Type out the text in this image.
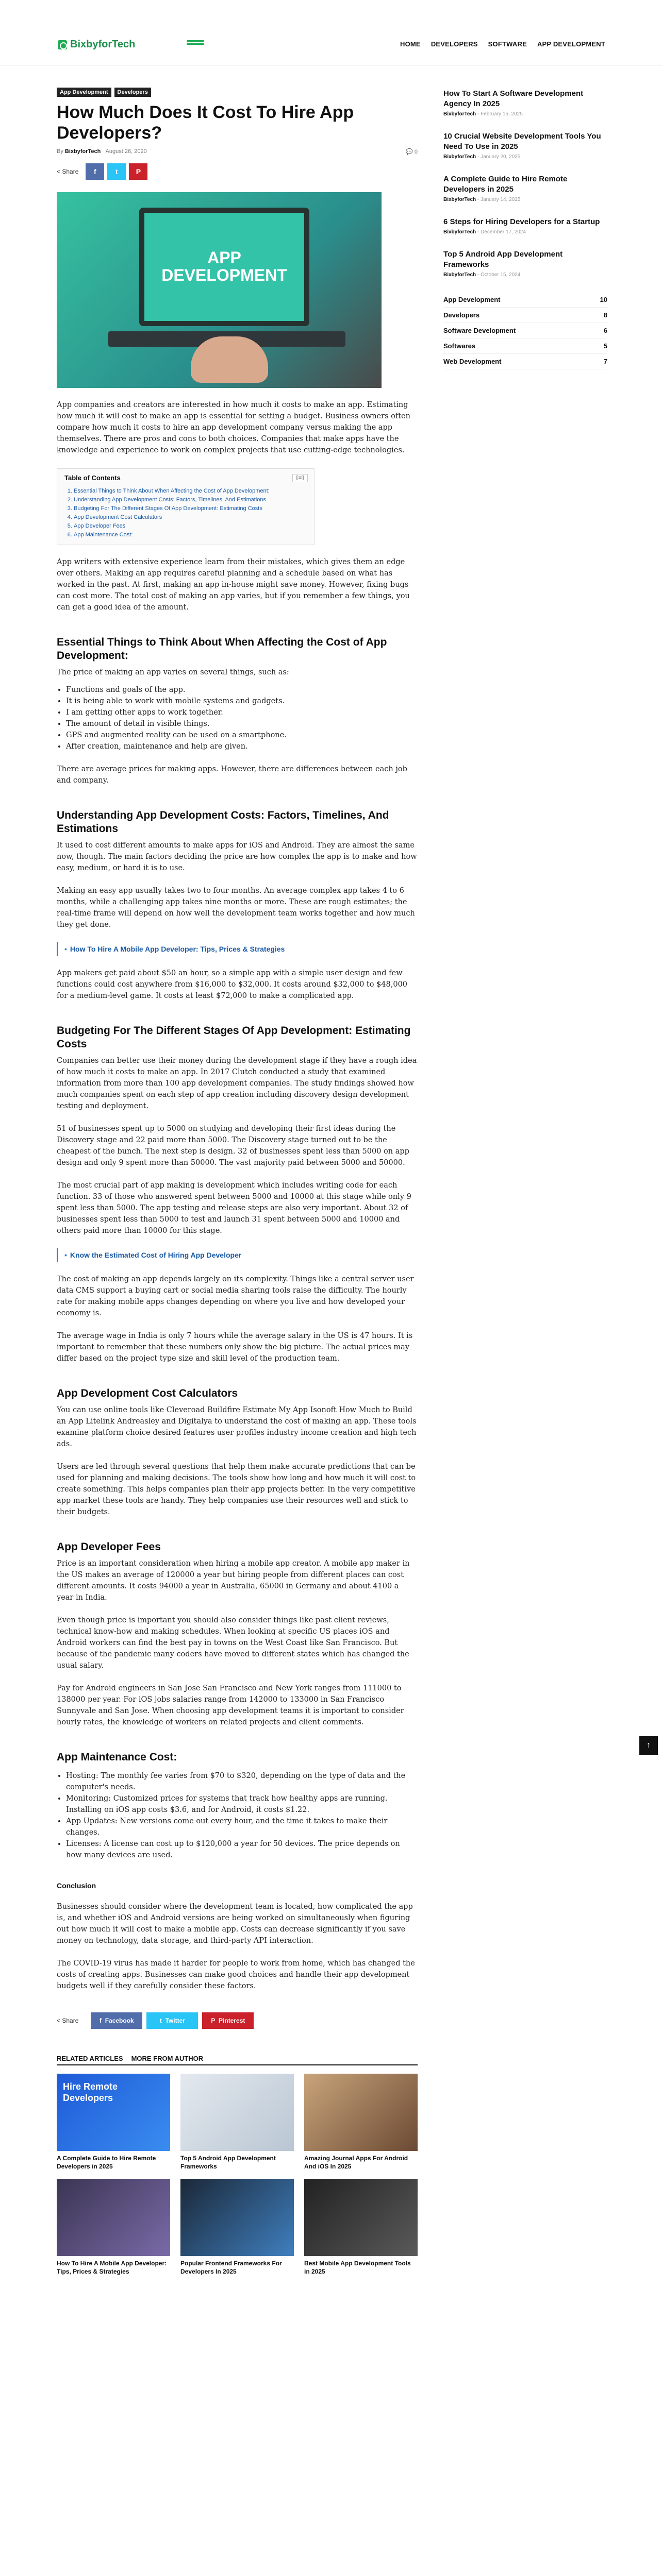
BixbyforTech	HOME DEVELOPERS SOFTWARE APP DEVELOPMENT
App Development	Developers
How Much Does It Cost To Hire App Developers?
By BixbyforTech August 26, 2020	💬 0
< Share f	t	P
APP DEVELOPMENT

App companies and creators are interested in how much it costs to make an app. Estimating how much it will cost to make an app is essential for setting a budget. Business owners often compare how much it costs to hire an app development company versus making the app themselves. There are pros and cons to both choices. Companies that make apps have the knowledge and experience to work on complex projects that use cutting-edge technologies.

Table of Contents	[≡]
1. Essential Things to Think About When Affecting the Cost of App Development:
2. Understanding App Development Costs: Factors, Timelines, And Estimations
3. Budgeting For The Different Stages Of App Development: Estimating Costs
4. App Development Cost Calculators
5. App Developer Fees
6. App Maintenance Cost:

App writers with extensive experience learn from their mistakes, which gives them an edge over others. Making an app requires careful planning and a schedule based on what has worked in the past. At first, making an app in-house might save money. However, fixing bugs can cost more. The total cost of making an app varies, but if you remember a few things, you can get a good idea of the amount.

Essential Things to Think About When Affecting the Cost of App Development:

The price of making an app varies on several things, such as:

• Functions and goals of the app.
• It is being able to work with mobile systems and gadgets.
• I am getting other apps to work together.
• The amount of detail in visible things.
• GPS and augmented reality can be used on a smartphone.
• After creation, maintenance and help are given.

There are average prices for making apps. However, there are differences between each job and company.

Understanding App Development Costs: Factors, Timelines, And Estimations

It used to cost different amounts to make apps for iOS and Android. They are almost the same now, though. The main factors deciding the price are how complex the app is to make and how easy, medium, or hard it is to use.

Making an easy app usually takes two to four months. An average complex app takes 4 to 6 months, while a challenging app takes nine months or more. These are rough estimates; the real-time frame will depend on how well the development team works together and how much they get done.

• How To Hire A Mobile App Developer: Tips, Prices & Strategies

App makers get paid about $50 an hour, so a simple app with a simple user design and few functions could cost anywhere from $16,000 to $32,000. It costs around $32,000 to $48,000 for a medium-level game. It costs at least $72,000 to make a complicated app.

Budgeting For The Different Stages Of App Development: Estimating Costs

Companies can better use their money during the development stage if they have a rough idea of how much it costs to make an app. In 2017 Clutch conducted a study that examined information from more than 100 app development companies. The study findings showed how much companies spent on each step of app creation including discovery design development testing and deployment.

51 of businesses spent up to 5000 on studying and developing their first ideas during the Discovery stage and 22 paid more than 5000. The Discovery stage turned out to be the cheapest of the bunch. The next step is design. 32 of businesses spent less than 5000 on app design and only 9 spent more than 50000. The vast majority paid between 5000 and 50000.

The most crucial part of app making is development which includes writing code for each function. 33 of those who answered spent between 5000 and 10000 at this stage while only 9 spent less than 5000. The app testing and release steps are also very important. About 32 of businesses spent less than 5000 to test and launch 31 spent between 5000 and 10000 and others paid more than 10000 for this stage.

• Know the Estimated Cost of Hiring App Developer

The cost of making an app depends largely on its complexity. Things like a central server user data CMS support a buying cart or social media sharing tools raise the difficulty. The hourly rate for making mobile apps changes depending on where you live and how developed your economy is.

The average wage in India is only 7 hours while the average salary in the US is 47 hours. It is important to remember that these numbers only show the big picture. The actual prices may differ based on the project type size and skill level of the production team.

App Development Cost Calculators

You can use online tools like Cleveroad Buildfire Estimate My App Isonoft How Much to Build an App Litelink Andreasley and Digitalya to understand the cost of making an app. These tools examine platform choice desired features user profiles industry income creation and high tech ads.

Users are led through several questions that help them make accurate predictions that can be used for planning and making decisions. The tools show how long and how much it will cost to create something. This helps companies plan their app projects better. In the very competitive app market these tools are handy. They help companies use their resources well and stick to their budgets.

App Developer Fees

Price is an important consideration when hiring a mobile app creator. A mobile app maker in the US makes an average of 120000 a year but hiring people from different places can cost different amounts. It costs 94000 a year in Australia, 65000 in Germany and about 4100 a year in India.

Even though price is important you should also consider things like past client reviews, technical know-how and making schedules. When looking at specific US places iOS and Android workers can find the best pay in towns on the West Coast like San Francisco. But because of the pandemic many coders have moved to different states which has changed the usual salary.

Pay for Android engineers in San Jose San Francisco and New York ranges from 111000 to 138000 per year. For iOS jobs salaries range from 142000 to 133000 in San Francisco Sunnyvale and San Jose. When choosing app development teams it is important to consider hourly rates, the knowledge of workers on related projects and client comments.

App Maintenance Cost:
• Hosting: The monthly fee varies from $70 to $320, depending on the type of data and the computer's needs.
• Monitoring: Customized prices for systems that track how healthy apps are running. Installing on iOS app costs $3.6, and for Android, it costs $1.22.
• App Updates: New versions come out every hour, and the time it takes to make their changes.
• Licenses: A license can cost up to $120,000 a year for 50 devices. The price depends on how many devices are used.
Conclusion

Businesses should consider where the development team is located, how complicated the app is, and whether iOS and Android versions are being worked on simultaneously when figuring out how much it will cost to make a mobile app. Costs can decrease significantly if you save money on technology, data storage, and third-party API interaction.

The COVID-19 virus has made it harder for people to work from home, which has changed the costs of creating apps. Businesses can make good choices and handle their app development budgets well if they carefully consider these factors.

< Share	f
Facebook	t
Twitter	P
Pinterest
RELATED ARTICLES MORE FROM AUTHOR
Hire Remote Developers
A Complete Guide to Hire Remote Developers in 2025
Top 5 Android App Development Frameworks
Amazing Journal Apps For Android And iOS In 2025
How To Hire A Mobile App Developer: Tips, Prices & Strategies
Popular Frontend Frameworks For Developers In 2025
Best Mobile App Development Tools in 2025
How To Start A Software Development Agency In 2025
BixbyforTech - February 15, 2025
10 Crucial Website Development Tools You Need To Use in 2025
BixbyforTech - January 20, 2025
A Complete Guide to Hire Remote Developers in 2025
BixbyforTech - January 14, 2025
6 Steps for Hiring Developers for a Startup
BixbyforTech - December 17, 2024
Top 5 Android App Development Frameworks
BixbyforTech - October 15, 2024
App Development	10
Developers	8
Software Development	6
Softwares	5
Web Development	7
↑
